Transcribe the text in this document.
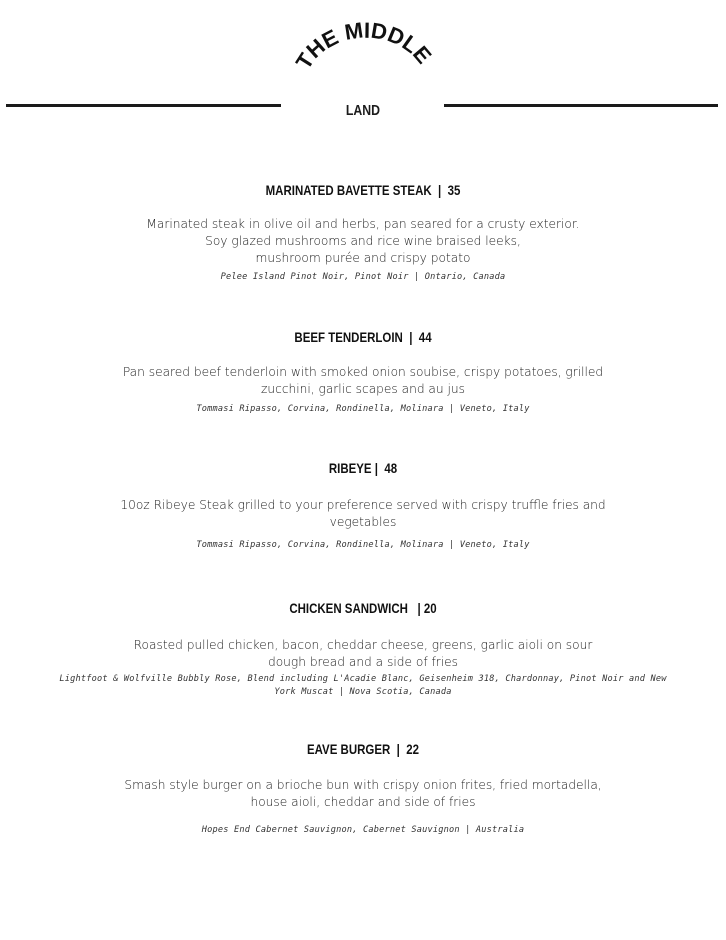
THE MIDDLE
LAND
MARINATED BAVETTE STEAK  |  35
Marinated steak in olive oil and herbs, pan seared for a crusty exterior.
Soy glazed mushrooms and rice wine braised leeks,
mushroom purée and crispy potato
Pelee Island Pinot Noir, Pinot Noir | Ontario, Canada
BEEF TENDERLOIN  |  44
Pan seared beef tenderloin with smoked onion soubise, crispy potatoes, grilled
zucchini, garlic scapes and au jus
Tommasi Ripasso, Corvina, Rondinella, Molinara | Veneto, Italy
RIBEYE |  48
10oz Ribeye Steak grilled to your preference served with crispy truffle fries and
vegetables
Tommasi Ripasso, Corvina, Rondinella, Molinara | Veneto, Italy
CHICKEN SANDWICH   | 20
Roasted pulled chicken, bacon, cheddar cheese, greens, garlic aioli on sour
dough bread and a side of fries
Lightfoot & Wolfville Bubbly Rose, Blend including L'Acadie Blanc, Geisenheim 318, Chardonnay, Pinot Noir and New
York Muscat | Nova Scotia, Canada
EAVE BURGER  |  22
Smash style burger on a brioche bun with crispy onion frites, fried mortadella,
house aioli, cheddar and side of fries
Hopes End Cabernet Sauvignon, Cabernet Sauvignon | Australia
